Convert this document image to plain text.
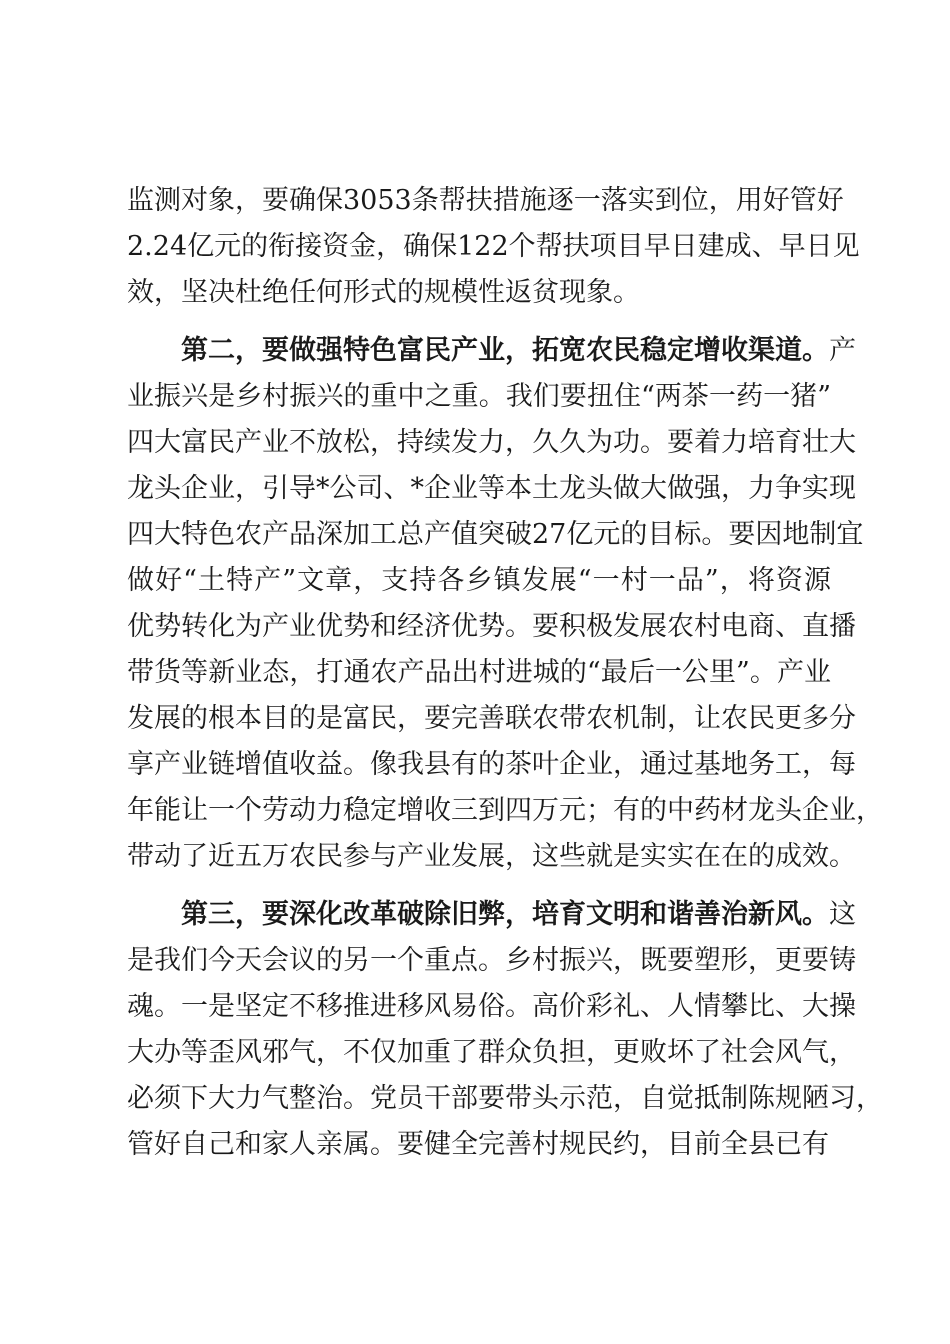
监测对象，要确保3053条帮扶措施逐一落实到位，用好管好
2.24亿元的衔接资金，确保122个帮扶项目早日建成、早日见
效，坚决杜绝任何形式的规模性返贫现象。
第二，要做强特色富民产业，拓宽农民稳定增收渠道。产
业振兴是乡村振兴的重中之重。我们要扭住“两茶一药一猪”
四大富民产业不放松，持续发力，久久为功。要着力培育壮大
龙头企业，引导*公司、*企业等本土龙头做大做强，力争实现
四大特色农产品深加工总产值突破27亿元的目标。要因地制宜
做好“土特产”文章，支持各乡镇发展“一村一品”，将资源
优势转化为产业优势和经济优势。要积极发展农村电商、直播
带货等新业态，打通农产品出村进城的“最后一公里”。产业
发展的根本目的是富民，要完善联农带农机制，让农民更多分
享产业链增值收益。像我县有的茶叶企业，通过基地务工，每
年能让一个劳动力稳定增收三到四万元；有的中药材龙头企业，
带动了近五万农民参与产业发展，这些就是实实在在的成效。
第三，要深化改革破除旧弊，培育文明和谐善治新风。这
是我们今天会议的另一个重点。乡村振兴，既要塑形，更要铸
魂。一是坚定不移推进移风易俗。高价彩礼、人情攀比、大操
大办等歪风邪气，不仅加重了群众负担，更败坏了社会风气，
必须下大力气整治。党员干部要带头示范，自觉抵制陈规陋习，
管好自己和家人亲属。要健全完善村规民约，目前全县已有
